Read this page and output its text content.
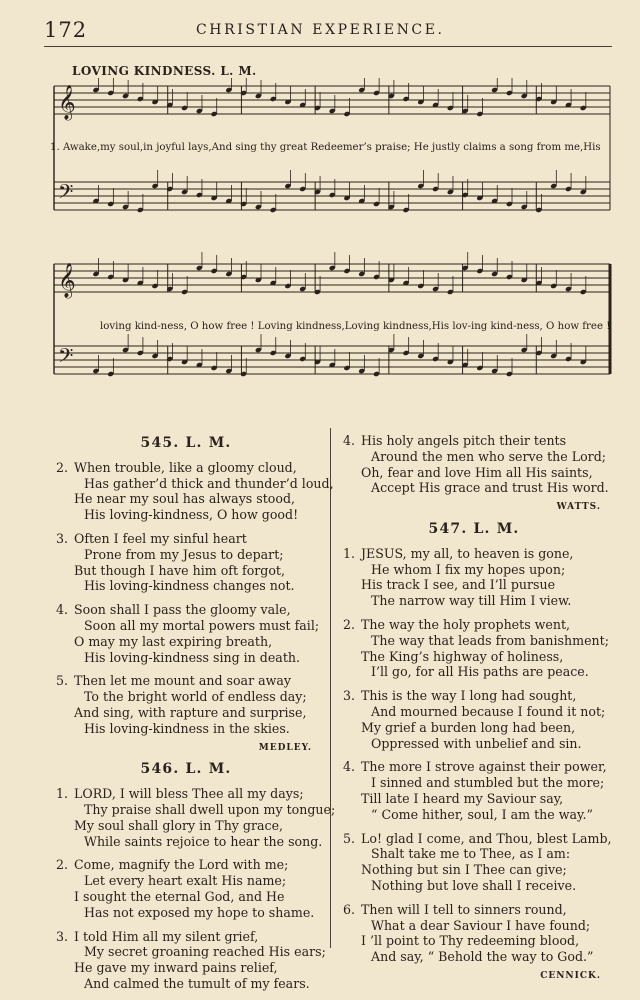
172	CHRISTIAN EXPERIENCE.
LOVING KINDNESS. L. M.
𝄞
𝄢
𝄞
𝄢
1. Awake,my soul,in joyful lays,And sing thy great Redeemer’s praise; He justly claims a song from me,His
loving kind-ness, O how free ! Loving kindness,Loving kindness,His lov-ing kind-ness, O how free !
545. L. M.
2. When trouble, like a gloomy cloud,
Has gather’d thick and thunder’d loud,
He near my soul has always stood,
His loving-kindness, O how good!
3. Often I feel my sinful heart
Prone from my Jesus to depart;
But though I have him oft forgot,
His loving-kindness changes not.
4. Soon shall I pass the gloomy vale,
Soon all my mortal powers must fail;
O may my last expiring breath,
His loving-kindness sing in death.
5. Then let me mount and soar away
To the bright world of endless day;
And sing, with rapture and surprise,
His loving-kindness in the skies.
MEDLEY.
546. L. M.
1. LORD, I will bless Thee all my days;
Thy praise shall dwell upon my tongue;
My soul shall glory in Thy grace,
While saints rejoice to hear the song.
2. Come, magnify the Lord with me;
Let every heart exalt His name;
I sought the eternal God, and He
Has not exposed my hope to shame.
3. I told Him all my silent grief,
My secret groaning reached His ears;
He gave my inward pains relief,
And calmed the tumult of my fears.
4. His holy angels pitch their tents
Around the men who serve the Lord;
Oh, fear and love Him all His saints,
Accept His grace and trust His word.
WATTS.
547. L. M.
1. JESUS, my all, to heaven is gone,
He whom I fix my hopes upon;
His track I see, and I’ll pursue
The narrow way till Him I view.
2. The way the holy prophets went,
The way that leads from banishment;
The King’s highway of holiness,
I’ll go, for all His paths are peace.
3. This is the way I long had sought,
And mourned because I found it not;
My grief a burden long had been,
Oppressed with unbelief and sin.
4. The more I strove against their power,
I sinned and stumbled but the more;
Till late I heard my Saviour say,
“ Come hither, soul, I am the way.”
5. Lo! glad I come, and Thou, blest Lamb,
Shalt take me to Thee, as I am:
Nothing but sin I Thee can give;
Nothing but love shall I receive.
6. Then will I tell to sinners round,
What a dear Saviour I have found;
I ’ll point to Thy redeeming blood,
And say, “ Behold the way to God.”
CENNICK.
